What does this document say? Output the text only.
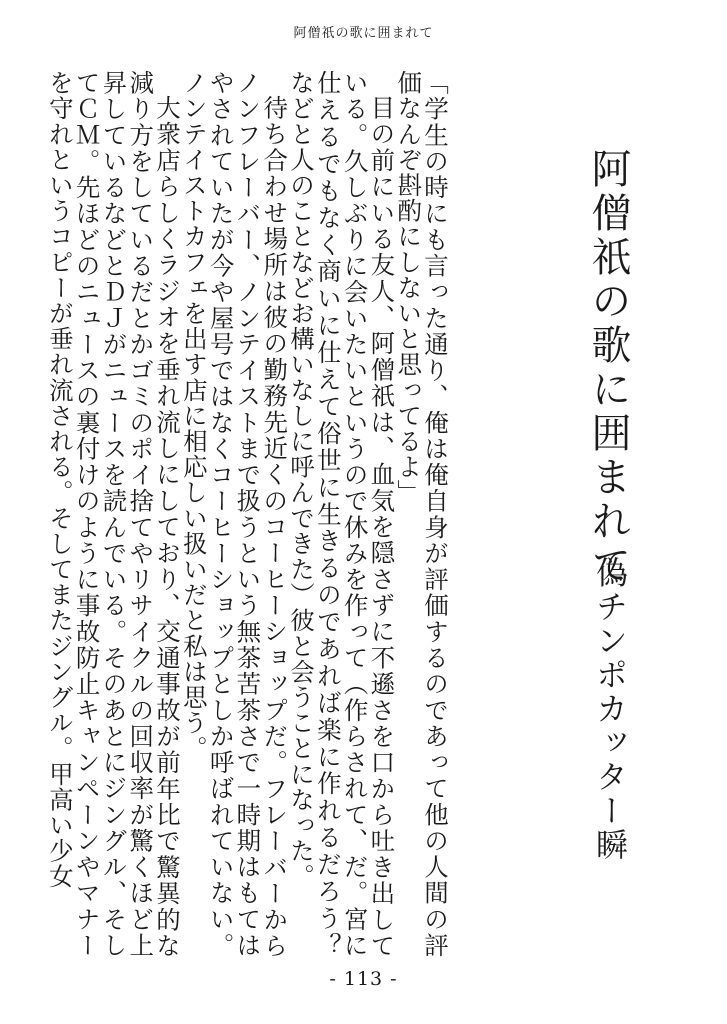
阿僧祇の歌に囲まれて
阿僧祇の歌に囲まれて
偽チンポカッター瞬

「学生の時にも言った通り、俺は俺自身が評価するのであって他の人間の評価なんぞ斟酌にしないと思ってるよ」

目の前にいる友人、阿僧祇は、血気を隠さずに不遜さを口から吐き出している。久しぶりに会いたいというので休みを作って（作らされて、だ。宮に仕えるでもなく商いに仕えて俗世に生きるのであれば楽に作れるだろう？　などと人のことなどお構いなしに呼んできた）彼と会うことになった。

待ち合わせ場所は彼の勤務先近くのコーヒーショップだ。フレーバーからノンフレーバー、ノンテイストまで扱うという無茶苦茶さで一時期はもてはやされていたが今や屋号ではなくコーヒーショップとしか呼ばれていない。ノンテイストカフェを出す店に相応しい扱いだと私は思う。

大衆店らしくラジオを垂れ流しにしており、交通事故が前年比で驚異的な減り方をしているだとかゴミのポイ捨てやリサイクルの回収率が驚くほど上昇しているなどとＤＪがニュースを読んでいる。そのあとにジングル、そしてＣＭ。先ほどのニュースの裏付けのように事故防止キャンペーンやマナーを守れというコピーが垂れ流される。そしてまたジングル。甲高い少女

- 113 -
